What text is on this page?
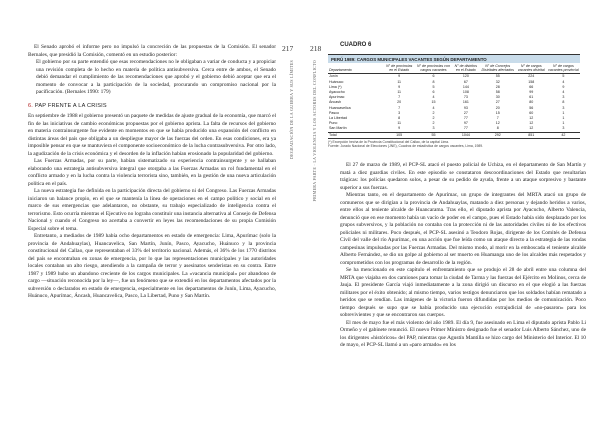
217
DEGRADACIÓN DE LA GUERRA Y SUS LÍMITES

El Senado aprobó el informe pero no impulsó la concreción de las propuestas de la Comisión. El senador Bernales, que presidió la Comisión, comentó en un estudio posterior:

El gobierno por su parte entendió que esas recomendaciones no le obligaban a variar de conducta y a propiciar una revisión completa de lo hecho en materia de política antisubversiva. Cerca entre de ambos, el Senado debió demandar el cumplimiento de las recomendaciones que aprobó y el gobierno debió aceptar que era el momento de convocar a la participación de la sociedad, procurando un compromiso nacional por la pacificación. (Bernales 1990: 179)

6. PAP FRENTE A LA CRISIS

En septiembre de 1988 el gobierno presentó un paquete de medidas de ajuste gradual de la economía, que marcó el fin de las iniciativas de cambio económicas propuestas por el gobierno aprista. La falta de recursos del gobierno en materia contrainsurgente fue evidente en momentos en que se había producido una expansión del conflicto en distintas áreas del país que obligaba a un despliegue mayor de las fuerzas del orden. En esas condiciones, era ya imposible pensar en que se mantuviera el componente socioeconómico de la lucha contrasubversiva. Por otro lado, la agudización de la crisis económica y el desorden de la inflación habían erosionado la popularidad del gobierno.

Las Fuerzas Armadas, por su parte, habían sistematizado su experiencia contrainsurgente y se hallaban elaborando una estrategia antisubversiva integral que otorgaba a las Fuerzas Armadas un rol fundamental en el conflicto armado y en la lucha contra la violencia terrorista sino, también, en la gestión de una nueva articulación política en el país.

La nueva estrategia fue definida en la participación directa del gobierno ni del Congreso. Las Fuerzas Armadas iniciaron un balance propio, en el que se mantenía la línea de operaciones en el campo político y social en el marco de sus emergencias que adelantaron, no obstante, su trabajo especializado de inteligencia contra el terrorismo. Esto ocurría mientras el Ejecutivo no lograba constituir una instancia alternativa al Consejo de Defensa Nacional y cuando el Congreso no acertaba a convertir en leyes las recomendaciones de su propia Comisión Especial sobre el tema.

Entretanto, a mediados de 1989 había ocho departamentos en estado de emergencia: Lima, Apurímac (solo la provincia de Andahuaylas), Huancavelica, San Martín, Junín, Pasco, Ayacucho, Huánuco y la provincia constitucional del Callao, que representaban el 33% del territorio nacional. Además, el 36% de los 1770 distritos del país se encontraban en zonas de emergencia, por lo que las representaciones municipales y las autoridades locales contaban un alto riesgo, atendiendo a la campaña de terror y asesinatos senderistas en su contra. Entre 1987 y 1989 hubo un abandono creciente de los cargos municipales. La «vacancia municipal» por abandono de cargo —situación reconocida por la ley—, fue un fenómeno que se extendió en los departamentos afectados por la subversión o declarados en estado de emergencia, especialmente en los departamentos de Junín, Lima, Ayacucho, Huánuco, Apurímac, Áncash, Huancavelica, Pasco, La Libertad, Puno y San Martín.

218
PRIMERA PARTE · LA VIOLENCIA Y LOS ACTORES DEL CONFLICTO
CUADRO 6
PERÚ 1989: CARGOS MUNICIPALES VACANTES SEGÚN DEPARTAMENTO
Departamento	N° de provincias en el Estado	N° de provincias con cargos vacantes	N° de distritos en el Estado	N° de Concejos Distritales afectados	N° de cargos vacantes distrital	N° de cargos vacantes provincial
Junín	9	6	120	55	224	5
Huánuco	11	8	67	32	158	4
Lima (*)	9	5	144	28	66	9
Ayacucho	11	6	108	58	99	4
Apurímac	7	4	73	30	61	3
Áncash	20	15	161	27	80	8
Huancavelica	7	4	93	20	56	3
Pasco	3	2	27	15	60	1
La Libertad	8	2	77	7	12	1
Puno	11	2	97	12	12	1
San Martín	9	3	77	8	12	3
Total	105	55	1044	292	851	42
(*) Excepción hecha de la Provincia Constitucional del Callao, de la capital Lima.
Fuente: Jurado Nacional de Elecciones (JNE), Cuadros de estadística de cargos vacantes, Lima, 1989.

El 27 de marzo de 1989, el PCP-SL atacó el puesto policial de Uchiza, en el departamento de San Martín y matá a diez guardias civiles. En este episodio se constataron descoordinaciones del Estado que resultarían trágicas: los policías quedaron solos, a pesar de su pedido de ayuda, frente a un ataque sorpresivo y bastante superior a sus fuerzas.

Mientras tanto, en el departamento de Apurímac, un grupo de integrantes del MRTA atacó un grupo de comuneros que se dirigían a la provincia de Andahuaylas, matando a diez personas y dejando heridos a varios, entre ellos al teniente alcalde de Huancarama. Tras ello, el diputado aprista por Ayacucho, Alberto Valencia, denunció que en ese momento había un vacío de poder en el campo, pues el Estado había sido desplazado por los grupos subversivos, y la población no contaba con la protección ni de las autoridades civiles ni de los efectivos policiales ni militares. Poco después, el PCP-SL asesinó a Teodoro Rojas, dirigente de los Comités de Defensa Civil del valle del río Apurímac, en una acción que fue leída como un ataque directo a la estrategia de las rondas campesinas impulsadas por las Fuerzas Armadas. Del mismo modo, al morir en la emboscada el teniente alcalde Alberto Fernández, se dio un golpe al gobierno al ser muerto en Huamanga uno de los alcaldes más respetados y comprometidos con los programas de desarrollo de la región.

Se ha mencionado en este capítulo el enfrentamiento que se produjo el 28 de abril entre una columna del MRTA que viajaba en dos camiones para tomar la ciudad de Tarma y las fuerzas del Ejército en Molinos, cerca de Jauja. El presidente García viajó inmediatamente a la zona dirigió un discurso en el que elogió a las fuerzas militares por el éxito obtenido; al mismo tiempo, varios testigos denunciaron que los soldados habían rematado a heridos que se rendían. Las imágenes de la victoria fueron difundidas por los medios de comunicación. Poco tiempo después se supo que se había producido una ejecución extrajudicial de «no-pasaron» para los sobrevivientes y que se encontraron sus cuerpos.

El mes de mayo fue el más violento del año 1989. El día 9, fue asesinado en Lima el diputado aprista Pablo Li Ormeño y el gabinete renunció. El nuevo Primer Ministro designado fue el senador Luis Alberto Sánchez, uno de los dirigentes «históricos» del PAP, mientras que Agustín Mantilla se hizo cargo del Ministerio del Interior. El 10 de mayo, el PCP-SL llamó a un «paro armado» en los
